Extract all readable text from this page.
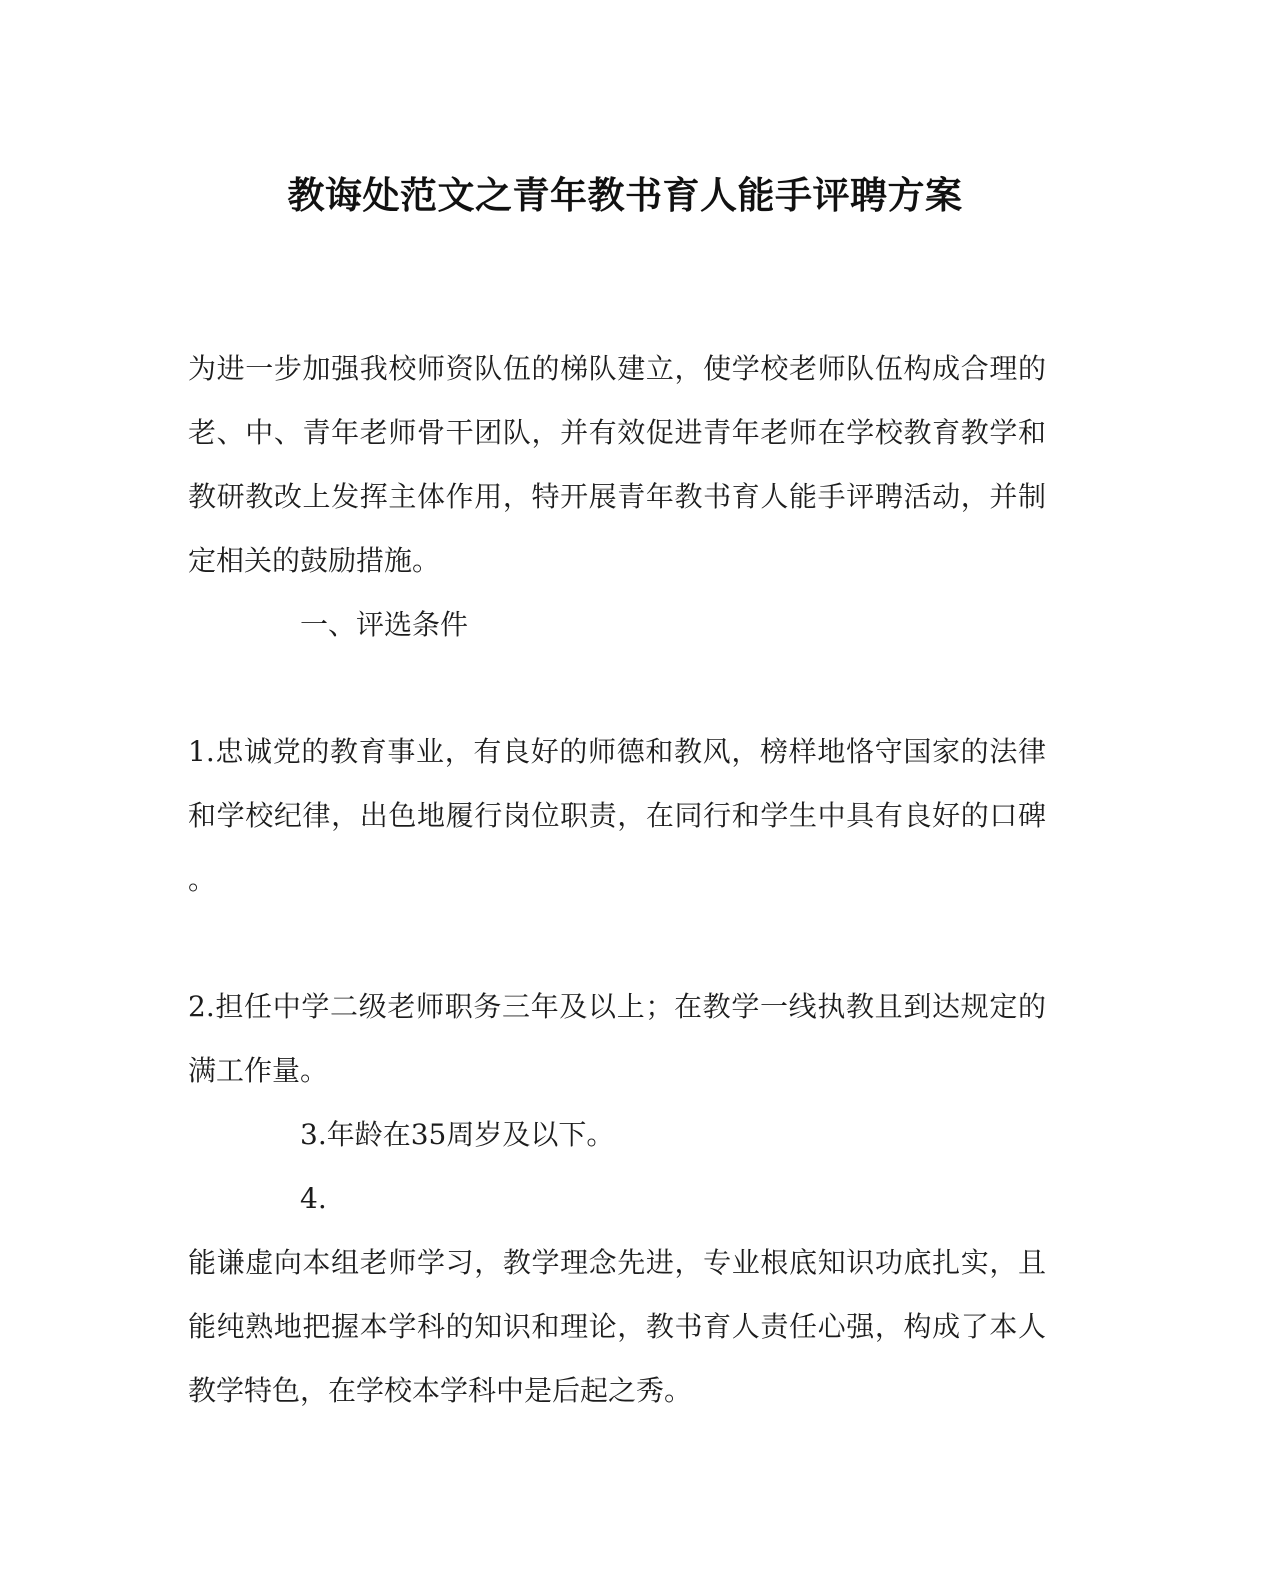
教诲处范文之青年教书育人能手评聘方案
为进一步加强我校师资队伍的梯队建立，使学校老师队伍构成合理的
老、中、青年老师骨干团队，并有效促进青年老师在学校教育教学和
教研教改上发挥主体作用，特开展青年教书育人能手评聘活动，并制
定相关的鼓励措施。
一、评选条件
1.忠诚党的教育事业，有良好的师德和教风，榜样地恪守国家的法律
和学校纪律，出色地履行岗位职责，在同行和学生中具有良好的口碑
。
2.担任中学二级老师职务三年及以上；在教学一线执教且到达规定的
满工作量。
3.年龄在35周岁及以下。
4.
能谦虚向本组老师学习，教学理念先进，专业根底知识功底扎实，且
能纯熟地把握本学科的知识和理论，教书育人责任心强，构成了本人
教学特色，在学校本学科中是后起之秀。
